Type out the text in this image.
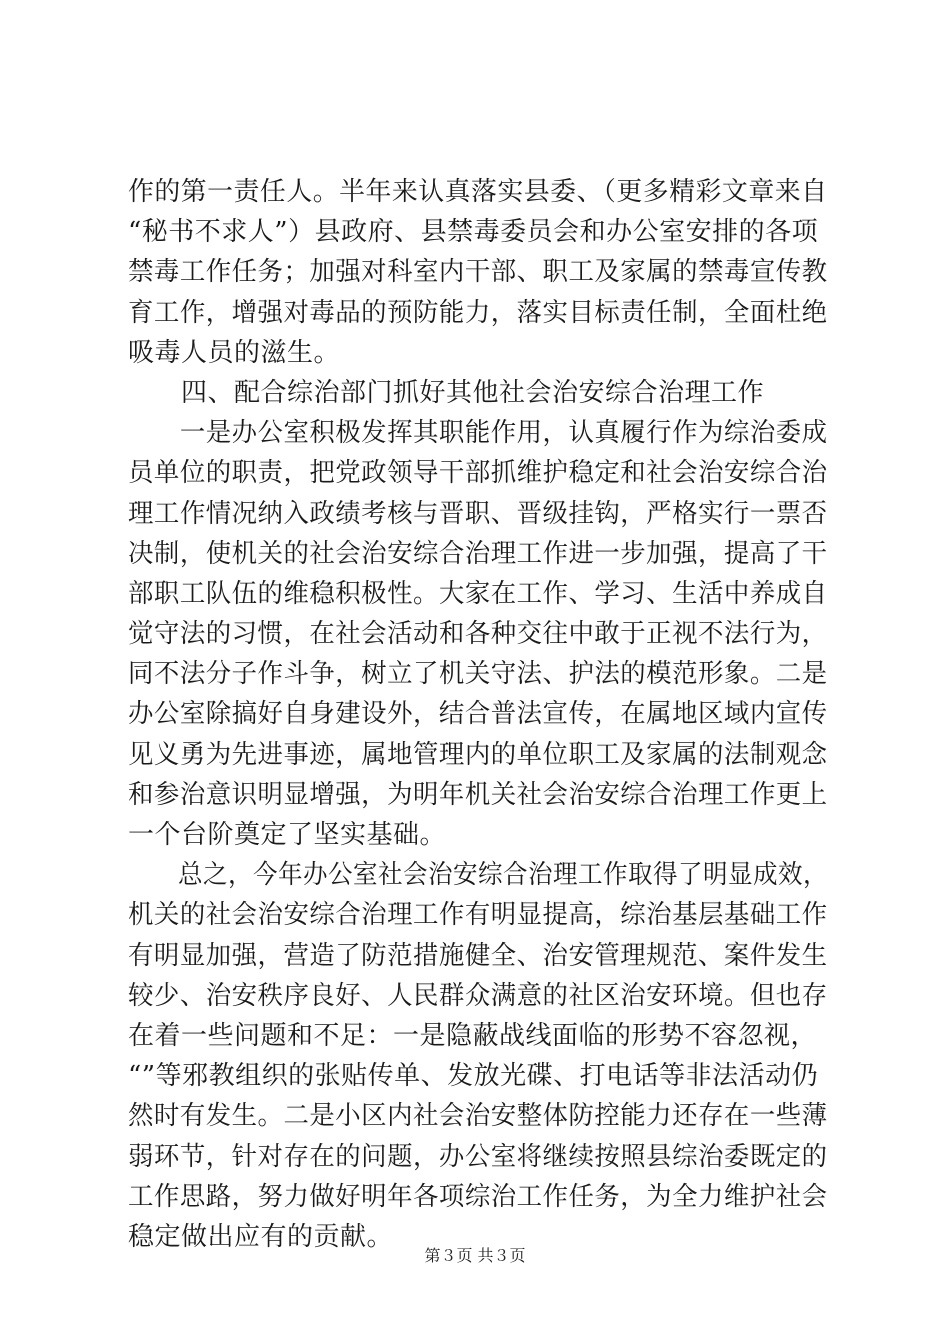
作的第一责任人。半年来认真落实县委、（更多精彩文章来自
“秘书不求人”）县政府、县禁毒委员会和办公室安排的各项
禁毒工作任务；加强对科室内干部、职工及家属的禁毒宣传教
育工作，增强对毒品的预防能力，落实目标责任制，全面杜绝
吸毒人员的滋生。
　　四、配合综治部门抓好其他社会治安综合治理工作
　　一是办公室积极发挥其职能作用，认真履行作为综治委成
员单位的职责，把党政领导干部抓维护稳定和社会治安综合治
理工作情况纳入政绩考核与晋职、晋级挂钩，严格实行一票否
决制，使机关的社会治安综合治理工作进一步加强，提高了干
部职工队伍的维稳积极性。大家在工作、学习、生活中养成自
觉守法的习惯，在社会活动和各种交往中敢于正视不法行为，
同不法分子作斗争，树立了机关守法、护法的模范形象。二是
办公室除搞好自身建设外，结合普法宣传，在属地区域内宣传
见义勇为先进事迹，属地管理内的单位职工及家属的法制观念
和参治意识明显增强，为明年机关社会治安综合治理工作更上
一个台阶奠定了坚实基础。
　　总之，今年办公室社会治安综合治理工作取得了明显成效，
机关的社会治安综合治理工作有明显提高，综治基层基础工作
有明显加强，营造了防范措施健全、治安管理规范、案件发生
较少、治安秩序良好、人民群众满意的社区治安环境。但也存
在着一些问题和不足：一是隐蔽战线面临的形势不容忽视，
“”等邪教组织的张贴传单、发放光碟、打电话等非法活动仍
然时有发生。二是小区内社会治安整体防控能力还存在一些薄
弱环节，针对存在的问题，办公室将继续按照县综治委既定的
工作思路，努力做好明年各项综治工作任务，为全力维护社会
稳定做出应有的贡献。
第３页 共３页
